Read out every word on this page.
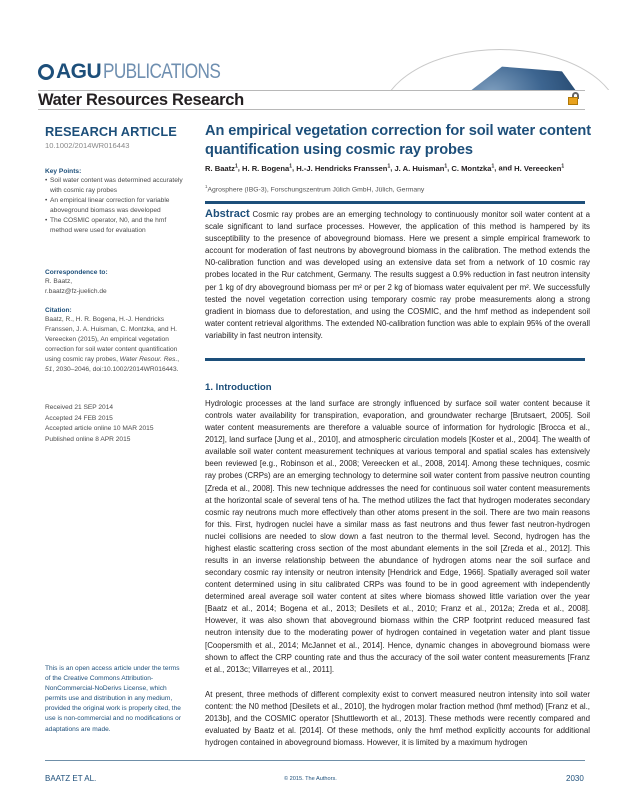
AGU PUBLICATIONS
Water Resources Research
RESEARCH ARTICLE
10.1002/2014WR016443
Key Points:
• Soil water content was determined accurately with cosmic ray probes
• An empirical linear correction for variable aboveground biomass was developed
• The COSMIC operator, N0, and the hmf method were used for evaluation
Correspondence to:
R. Baatz,
r.baatz@fz-juelich.de
Citation:
Baatz, R., H. R. Bogena, H.-J. Hendricks Franssen, J. A. Huisman, C. Montzka, and H. Vereecken (2015), An empirical vegetation correction for soil water content quantification using cosmic ray probes, Water Resour. Res., 51, 2030–2046, doi:10.1002/2014WR016443.
Received 21 SEP 2014
Accepted 24 FEB 2015
Accepted article online 10 MAR 2015
Published online 8 APR 2015
This is an open access article under the terms of the Creative Commons Attribution-NonCommercial-NoDerivs License, which permits use and distribution in any medium, provided the original work is properly cited, the use is non-commercial and no modifications or adaptations are made.
An empirical vegetation correction for soil water content quantification using cosmic ray probes
R. Baatz$^1$, H. R. Bogena$^1$, H.-J. Hendricks Franssen$^1$, J. A. Huisman$^1$, C. Montzka$^1$, and H. Vereecken$^1$
$^1$Agrosphere (IBG-3), Forschungszentrum Jülich GmbH, Jülich, Germany
Abstract Cosmic ray probes are an emerging technology to continuously monitor soil water content at a scale significant to land surface processes. However, the application of this method is hampered by its susceptibility to the presence of aboveground biomass. Here we present a simple empirical framework to account for moderation of fast neutrons by aboveground biomass in the calibration. The method extends the N0-calibration function and was developed using an extensive data set from a network of 10 cosmic ray probes located in the Rur catchment, Germany. The results suggest a 0.9% reduction in fast neutron intensity per 1 kg of dry aboveground biomass per m² or per 2 kg of biomass water equivalent per m². We successfully tested the novel vegetation correction using temporary cosmic ray probe measurements along a strong gradient in biomass due to deforestation, and using the COSMIC, and the hmf method as independent soil water content retrieval algorithms. The extended N0-calibration function was able to explain 95% of the overall variability in fast neutron intensity.
1. Introduction
Hydrologic processes at the land surface are strongly influenced by surface soil water content because it controls water availability for transpiration, evaporation, and groundwater recharge [Brutsaert, 2005]. Soil water content measurements are therefore a valuable source of information for hydrologic [Brocca et al., 2012], land surface [Jung et al., 2010], and atmospheric circulation models [Koster et al., 2004]. The wealth of available soil water content measurement techniques at various temporal and spatial scales has extensively been reviewed [e.g., Robinson et al., 2008; Vereecken et al., 2008, 2014]. Among these techniques, cosmic ray probes (CRPs) are an emerging technology to determine soil water content from passive neutron counting [Zreda et al., 2008]. This new technique addresses the need for continuous soil water content measurements at the horizontal scale of several tens of ha. The method utilizes the fact that hydrogen moderates secondary cosmic ray neutrons much more effectively than other atoms present in the soil. There are two main reasons for this. First, hydrogen nuclei have a similar mass as fast neutrons and thus fewer fast neutron-hydrogen nuclei collisions are needed to slow down a fast neutron to the thermal level. Second, hydrogen has the highest elastic scattering cross section of the most abundant elements in the soil [Zreda et al., 2012]. This results in an inverse relationship between the abundance of hydrogen atoms near the soil surface and secondary cosmic ray intensity or neutron intensity [Hendrick and Edge, 1966]. Spatially averaged soil water content determined using in situ calibrated CRPs was found to be in good agreement with independently determined areal average soil water content at sites where biomass showed little variation over the year [Baatz et al., 2014; Bogena et al., 2013; Desilets et al., 2010; Franz et al., 2012a; Zreda et al., 2008]. However, it was also shown that aboveground biomass within the CRP footprint reduced measured fast neutron intensity due to the moderating power of hydrogen contained in vegetation water and plant tissue [Coopersmith et al., 2014; McJannet et al., 2014]. Hence, dynamic changes in aboveground biomass were shown to affect the CRP counting rate and thus the accuracy of the soil water content measurements [Franz et al., 2013c; Villarreyes et al., 2011].
At present, three methods of different complexity exist to convert measured neutron intensity into soil water content: the N0 method [Desilets et al., 2010], the hydrogen molar fraction method (hmf method) [Franz et al., 2013b], and the COSMIC operator [Shuttleworth et al., 2013]. These methods were recently compared and evaluated by Baatz et al. [2014]. Of these methods, only the hmf method explicitly accounts for additional hydrogen contained in aboveground biomass. However, it is limited by a maximum hydrogen
BAATZ ET AL.	© 2015. The Authors.	2030
